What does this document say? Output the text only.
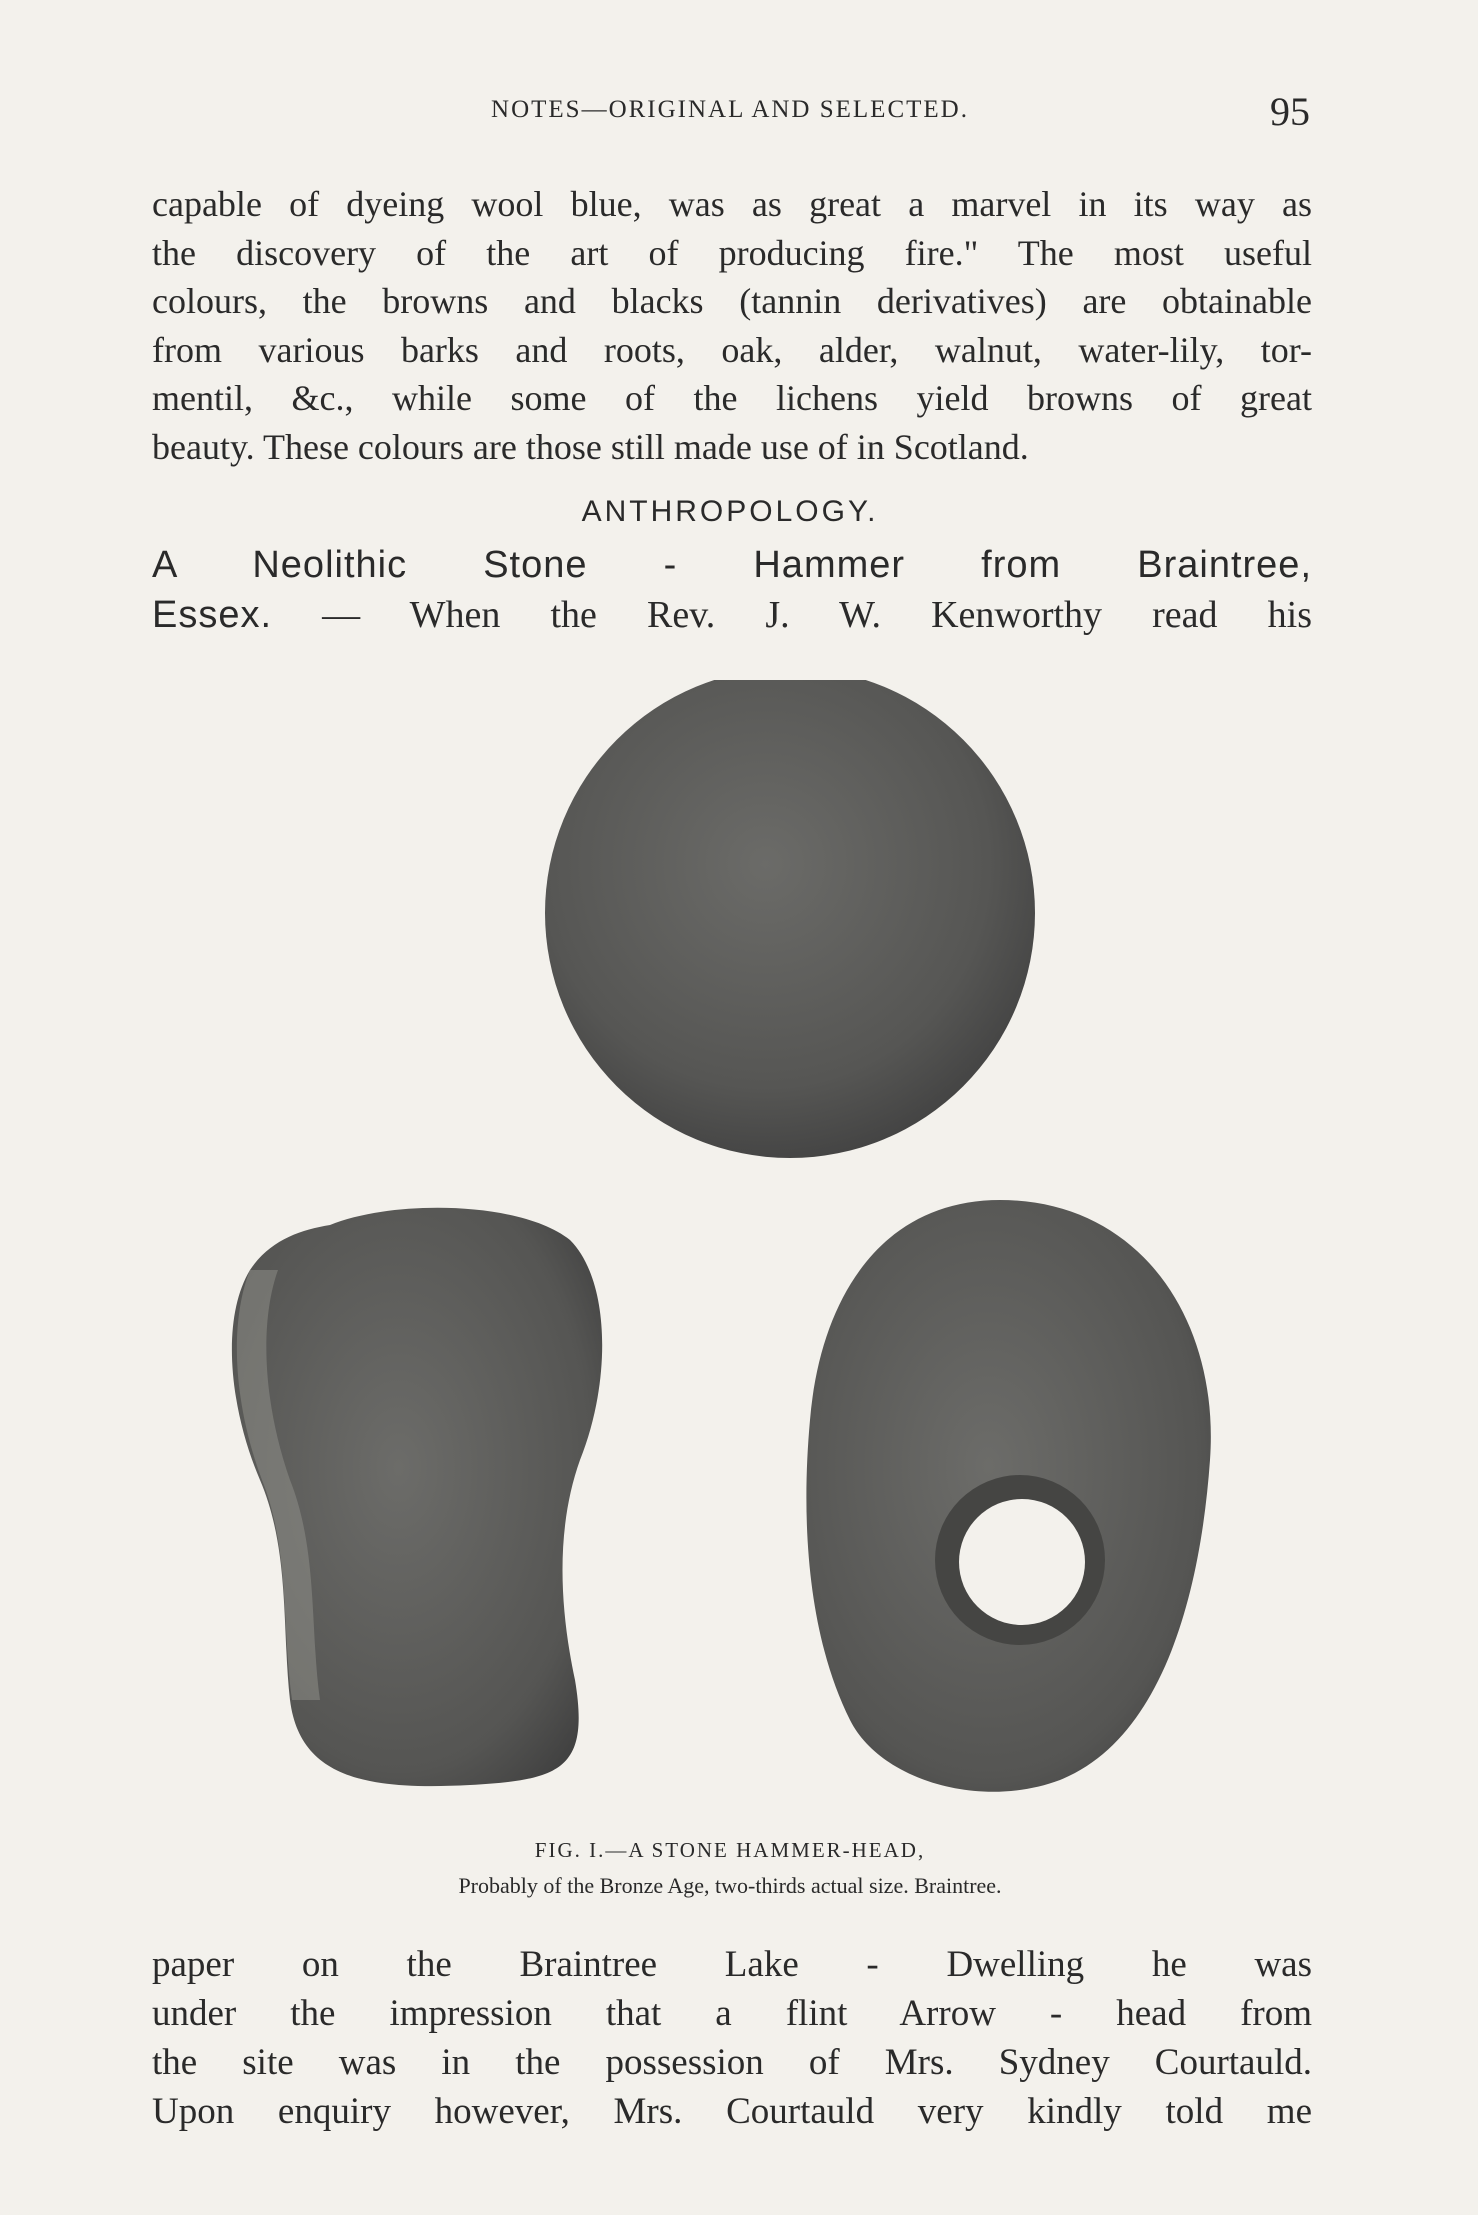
NOTES—ORIGINAL AND SELECTED.	95
capable of dyeing wool blue, was as great a marvel in its way as
the discovery of the art of producing fire." The most useful
colours, the browns and blacks (tannin derivatives) are obtainable
from various barks and roots, oak, alder, walnut, water-lily, tor-
mentil, &c., while some of the lichens yield browns of great
beauty. These colours are those still made use of in Scotland.
ANTHROPOLOGY.
A Neolithic Stone - Hammer from Braintree,
Essex. — When the Rev. J. W. Kenworthy read his
FIG. I.—A STONE HAMMER-HEAD,
Probably of the Bronze Age, two-thirds actual size. Braintree.
paper on the Braintree Lake - Dwelling he was
under the impression that a flint Arrow - head from
the site was in the possession of Mrs. Sydney Courtauld.
Upon enquiry however, Mrs. Courtauld very kindly told me
